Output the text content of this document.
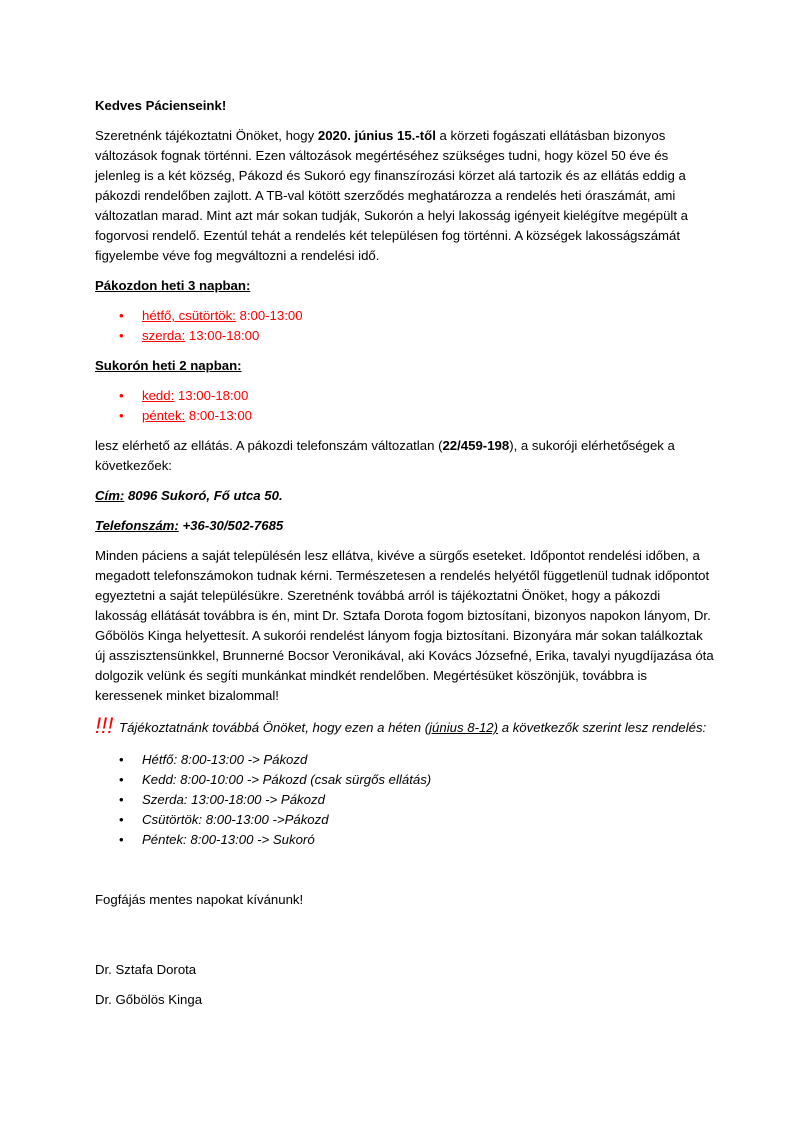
Kedves Pácienseink!

Szeretnénk tájékoztatni Önöket, hogy 2020. június 15.-től a körzeti fogászati ellátásban bizonyos változások fognak történni. Ezen változások megértéséhez szükséges tudni, hogy közel 50 éve és jelenleg is a két község, Pákozd és Sukoró egy finanszírozási körzet alá tartozik és az ellátás eddig a pákozdi rendelőben zajlott. A TB-val kötött szerződés meghatározza a rendelés heti óraszámát, ami változatlan marad. Mint azt már sokan tudják, Sukorón a helyi lakosság igényeit kielégítve megépült a fogorvosi rendelő. Ezentúl tehát a rendelés két településen fog történni. A községek lakosságszámát figyelembe véve fog megváltozni a rendelési idő.

Pákozdon heti 3 napban:

• hétfő, csütörtök: 8:00-13:00
• szerda: 13:00-18:00

Sukorón heti 2 napban:

• kedd: 13:00-18:00
• péntek: 8:00-13:00

lesz elérhető az ellátás. A pákozdi telefonszám változatlan (22/459-198), a sukoróji elérhetőségek a következőek:

Cím: 8096 Sukoró, Fő utca 50.

Telefonszám: +36-30/502-7685

Minden páciens a saját településén lesz ellátva, kivéve a sürgős eseteket. Időpontot rendelési időben, a megadott telefonszámokon tudnak kérni. Természetesen a rendelés helyétől függetlenül tudnak időpontot egyeztetni a saját településükre. Szeretnénk továbbá arról is tájékoztatni Önöket, hogy a pákozdi lakosság ellátását továbbra is én, mint Dr. Sztafa Dorota fogom biztosítani, bizonyos napokon lányom, Dr. Gőbölös Kinga helyettesít. A sukorói rendelést lányom fogja biztosítani. Bizonyára már sokan találkoztak új asszisztensünkkel, Brunnerné Bocsor Veronikával, aki Kovács Józsefné, Erika, tavalyi nyugdíjazása óta dolgozik velünk és segíti munkánkat mindkét rendelőben. Megértésüket köszönjük, továbbra is keressenek minket bizalommal!

!!! Tájékoztatnánk továbbá Önöket, hogy ezen a héten (június 8-12) a következők szerint lesz rendelés:

• Hétfő: 8:00-13:00 -> Pákozd
• Kedd: 8:00-10:00 -> Pákozd (csak sürgős ellátás)
• Szerda: 13:00-18:00 -> Pákozd
• Csütörtök: 8:00-13:00 ->Pákozd
• Péntek: 8:00-13:00 -> Sukoró

Fogfájás mentes napokat kívánunk!

Dr. Sztafa Dorota

Dr. Gőbölös Kinga
